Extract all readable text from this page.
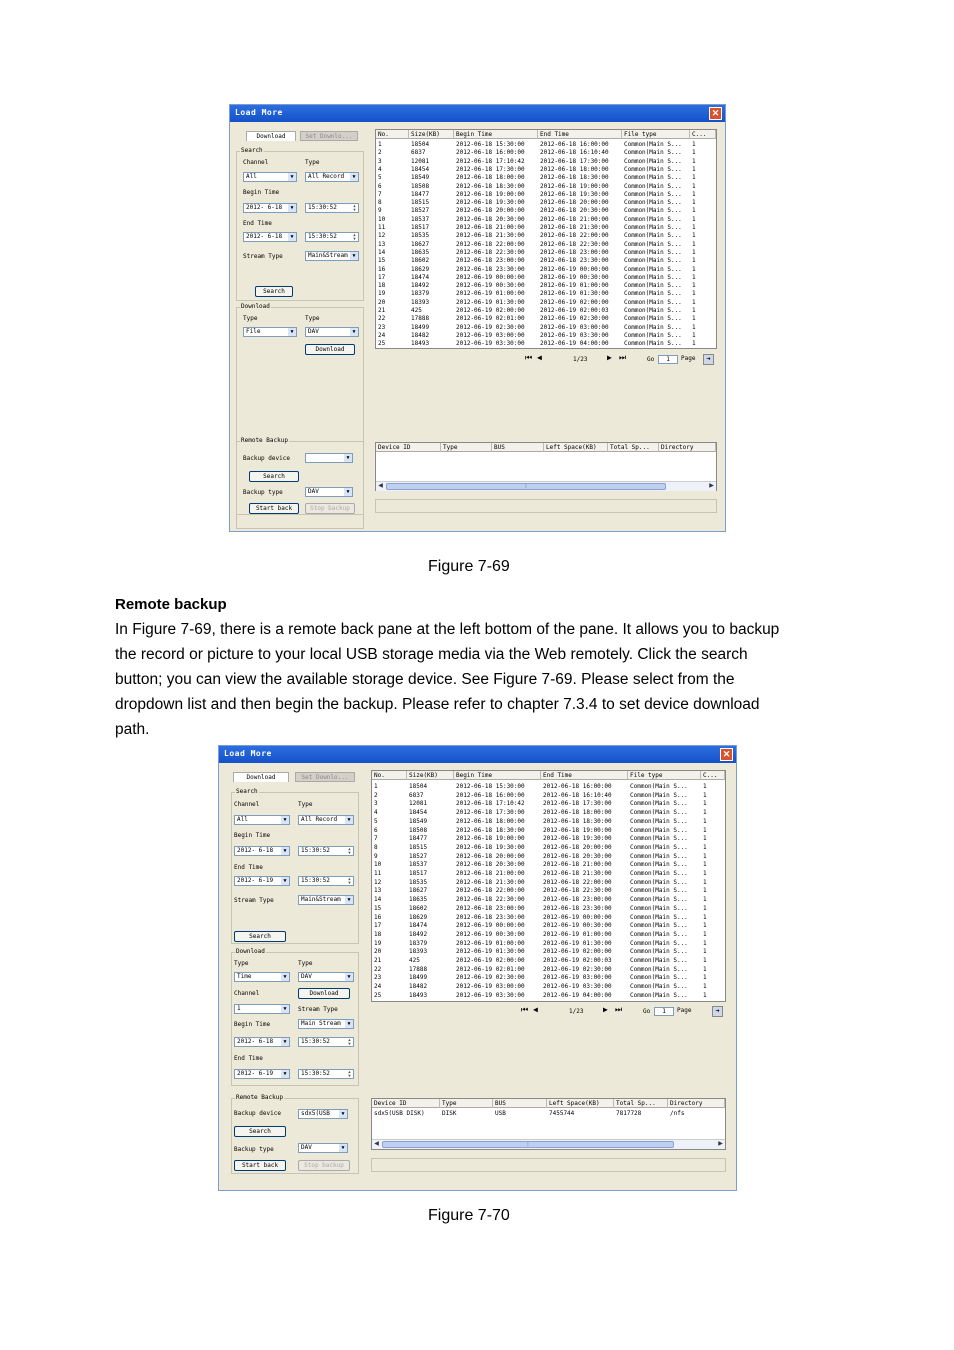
Load More	✕
Download	Set Downlo...
Search
Channel	Type
All	▼	All Record	▼
Begin Time
2012- 6-18	▼	15:30:52	▲
▼
End Time
2012- 6-18	▼	15:30:52	▲
▼
Stream Type	Main&Stream ▼
Search
Download
Type	Type
File	▼	DAV	▼
Download
Remote Backup
Backup device	▼
Search
Backup type	DAV	▼
Start back	Stop backup
No.	Size(KB)	Begin Time	End Time	File type	C...
1	18504	2012-06-18 15:30:00	2012-06-18 16:00:00	Common(Main S...	1
2	6837	2012-06-18 16:00:00	2012-06-18 16:10:40	Common(Main S...	1
3	12081	2012-06-18 17:10:42	2012-06-18 17:30:00	Common(Main S...	1
4	18454	2012-06-18 17:30:00	2012-06-18 18:00:00	Common(Main S...	1
5	18549	2012-06-18 18:00:00	2012-06-18 18:30:00	Common(Main S...	1
6	18508	2012-06-18 18:30:00	2012-06-18 19:00:00	Common(Main S...	1
7	18477	2012-06-18 19:00:00	2012-06-18 19:30:00	Common(Main S...	1
8	18515	2012-06-18 19:30:00	2012-06-18 20:00:00	Common(Main S...	1
9	18527	2012-06-18 20:00:00	2012-06-18 20:30:00	Common(Main S...	1
10	18537	2012-06-18 20:30:00	2012-06-18 21:00:00	Common(Main S...	1
11	18517	2012-06-18 21:00:00	2012-06-18 21:30:00	Common(Main S...	1
12	18535	2012-06-18 21:30:00	2012-06-18 22:00:00	Common(Main S...	1
13	18627	2012-06-18 22:00:00	2012-06-18 22:30:00	Common(Main S...	1
14	18635	2012-06-18 22:30:00	2012-06-18 23:00:00	Common(Main S...	1
15	18602	2012-06-18 23:00:00	2012-06-18 23:30:00	Common(Main S...	1
16	18629	2012-06-18 23:30:00	2012-06-19 00:00:00	Common(Main S...	1
17	18474	2012-06-19 00:00:00	2012-06-19 00:30:00	Common(Main S...	1
18	18492	2012-06-19 00:30:00	2012-06-19 01:00:00	Common(Main S...	1
19	18379	2012-06-19 01:00:00	2012-06-19 01:30:00	Common(Main S...	1
20	18393	2012-06-19 01:30:00	2012-06-19 02:00:00	Common(Main S...	1
21	425	2012-06-19 02:00:00	2012-06-19 02:00:03	Common(Main S...	1
22	17888	2012-06-19 02:01:00	2012-06-19 02:30:00	Common(Main S...	1
23	18499	2012-06-19 02:30:00	2012-06-19 03:00:00	Common(Main S...	1
24	18482	2012-06-19 03:00:00	2012-06-19 03:30:00	Common(Main S...	1
25	18493	2012-06-19 03:30:00	2012-06-19 04:00:00	Common(Main S...	1
⏮ ◀	1/23 ▶ ⏭	Go	1	Page	➜
Device ID	Type	BUS	Left Space(KB)	Total Sp...	Directory
◀	⁞	▶
Figure 7-69
Remote backup
In Figure 7-69, there is a remote back pane at the left bottom of the pane. It allows you to backup
the record or picture to your local USB storage media via the Web remotely. Click the search
button; you can view the available storage device. See Figure 7-69. Please select from the
dropdown list and then begin the backup. Please refer to chapter 7.3.4 to set device download
path.
Load More	✕
Download	Set Downlo...
Search
Channel	Type
All	▼	All Record	▼
Begin Time
2012- 6-18	▼	15:30:52	▲
▼
End Time
2012- 6-19	▼	15:30:52	▲
▼
Stream Type	Main&Stream	▼
Search
Download
Type	Type
Time	▼	DAV	▼
Channel	Download
1	▼	Stream Type
Main Stream	▼
Begin Time
2012- 6-18	▼	15:30:52	▲
▼
End Time
2012- 6-19	▼	15:30:52	▲
▼
Remote Backup
Backup device	sdx5(USB	▼
Search
Backup type	DAV	▼
Start back	Stop backup
No.	Size(KB)	Begin Time	End Time	File type	C...
1	18504	2012-06-18 15:30:00	2012-06-18 16:00:00	Common(Main S...	1
2	6837	2012-06-18 16:00:00	2012-06-18 16:10:40	Common(Main S...	1
3	12081	2012-06-18 17:10:42	2012-06-18 17:30:00	Common(Main S...	1
4	18454	2012-06-18 17:30:00	2012-06-18 18:00:00	Common(Main S...	1
5	18549	2012-06-18 18:00:00	2012-06-18 18:30:00	Common(Main S...	1
6	18508	2012-06-18 18:30:00	2012-06-18 19:00:00	Common(Main S...	1
7	18477	2012-06-18 19:00:00	2012-06-18 19:30:00	Common(Main S...	1
8	18515	2012-06-18 19:30:00	2012-06-18 20:00:00	Common(Main S...	1
9	18527	2012-06-18 20:00:00	2012-06-18 20:30:00	Common(Main S...	1
10	18537	2012-06-18 20:30:00	2012-06-18 21:00:00	Common(Main S...	1
11	18517	2012-06-18 21:00:00	2012-06-18 21:30:00	Common(Main S...	1
12	18535	2012-06-18 21:30:00	2012-06-18 22:00:00	Common(Main S...	1
13	18627	2012-06-18 22:00:00	2012-06-18 22:30:00	Common(Main S...	1
14	18635	2012-06-18 22:30:00	2012-06-18 23:00:00	Common(Main S...	1
15	18602	2012-06-18 23:00:00	2012-06-18 23:30:00	Common(Main S...	1
16	18629	2012-06-18 23:30:00	2012-06-19 00:00:00	Common(Main S...	1
17	18474	2012-06-19 00:00:00	2012-06-19 00:30:00	Common(Main S...	1
18	18492	2012-06-19 00:30:00	2012-06-19 01:00:00	Common(Main S...	1
19	18379	2012-06-19 01:00:00	2012-06-19 01:30:00	Common(Main S...	1
20	18393	2012-06-19 01:30:00	2012-06-19 02:00:00	Common(Main S...	1
21	425	2012-06-19 02:00:00	2012-06-19 02:00:03	Common(Main S...	1
22	17888	2012-06-19 02:01:00	2012-06-19 02:30:00	Common(Main S...	1
23	18499	2012-06-19 02:30:00	2012-06-19 03:00:00	Common(Main S...	1
24	18482	2012-06-19 03:00:00	2012-06-19 03:30:00	Common(Main S...	1
25	18493	2012-06-19 03:30:00	2012-06-19 04:00:00	Common(Main S...	1
⏮ ◀	1/23 ▶ ⏭	Go	1	Page	➜
Device ID	Type	BUS	Left Space(KB)	Total Sp...	Directory
sdx5(USB DISK)	DISK	USB	7455744	7817728	/nfs
◀	⁞	▶
Figure 7-70
